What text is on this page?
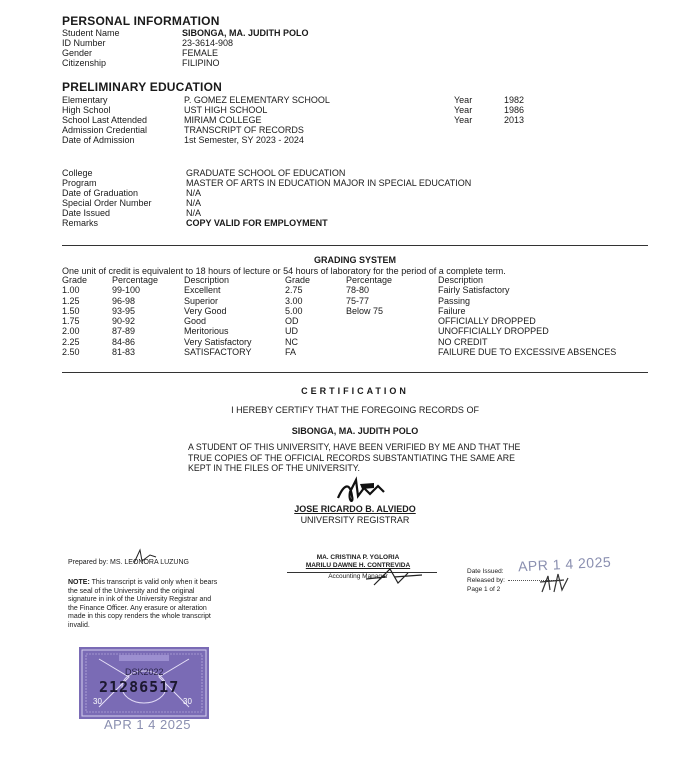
PERSONAL INFORMATION
Student Name	SIBONGA, MA. JUDITH POLO
ID Number	23-3614-908
Gender	FEMALE
Citizenship	FILIPINO
PRELIMINARY EDUCATION
Elementary	P. GOMEZ ELEMENTARY SCHOOL	Year	1982
High School	UST HIGH SCHOOL	Year	1986
School Last Attended	MIRIAM COLLEGE	Year	2013
Admission Credential	TRANSCRIPT OF RECORDS
Date of Admission	1st Semester, SY 2023 - 2024
College	GRADUATE SCHOOL OF EDUCATION
Program	MASTER OF ARTS IN EDUCATION MAJOR IN SPECIAL EDUCATION
Date of Graduation	N/A
Special Order Number	N/A
Date Issued	N/A
Remarks	COPY VALID FOR EMPLOYMENT
GRADING SYSTEM
One unit of credit is equivalent to 18 hours of lecture or 54 hours of laboratory for the period of a complete term.
Grade	Percentage	Description
1.00	99-100	Excellent
1.25	96-98	Superior
1.50	93-95	Very Good
1.75	90-92	Good
2.00	87-89	Meritorious
2.25	84-86	Very Satisfactory
2.50	81-83	SATISFACTORY
Grade	Percentage	Description
2.75	78-80	Fairly Satisfactory
3.00	75-77	Passing
5.00	Below 75	Failure
OD		OFFICIALLY DROPPED
UD		UNOFFICIALLY DROPPED
NC		NO CREDIT
FA		FAILURE DUE TO EXCESSIVE ABSENCES
CERTIFICATION
I HEREBY CERTIFY THAT THE FOREGOING RECORDS OF
SIBONGA, MA. JUDITH POLO
A STUDENT OF THIS UNIVERSITY, HAVE BEEN VERIFIED BY ME AND THAT THE
TRUE COPIES OF THE OFFICIAL RECORDS SUBSTANTIATING THE SAME ARE
KEPT IN THE FILES OF THE UNIVERSITY.
JOSE RICARDO B. ALVIEDO
UNIVERSITY REGISTRAR
Prepared by: MS. LEONORA LUZUNG
NOTE: This transcript is valid only when it bears
the seal of the University and the original
signature in ink of the University Registrar and
the Finance Officer. Any erasure or alteration
made in this copy renders the whole transcript
invalid.
MA. CRISTINA P. YGLORIA
MARILU DAWNE H. CONTREVIDA
Accounting Manager
Date Issued:
Released by:
Page 1 of 2
APR 1 4 2025
DSK2022
21286517
30	30
APR 1 4 2025
